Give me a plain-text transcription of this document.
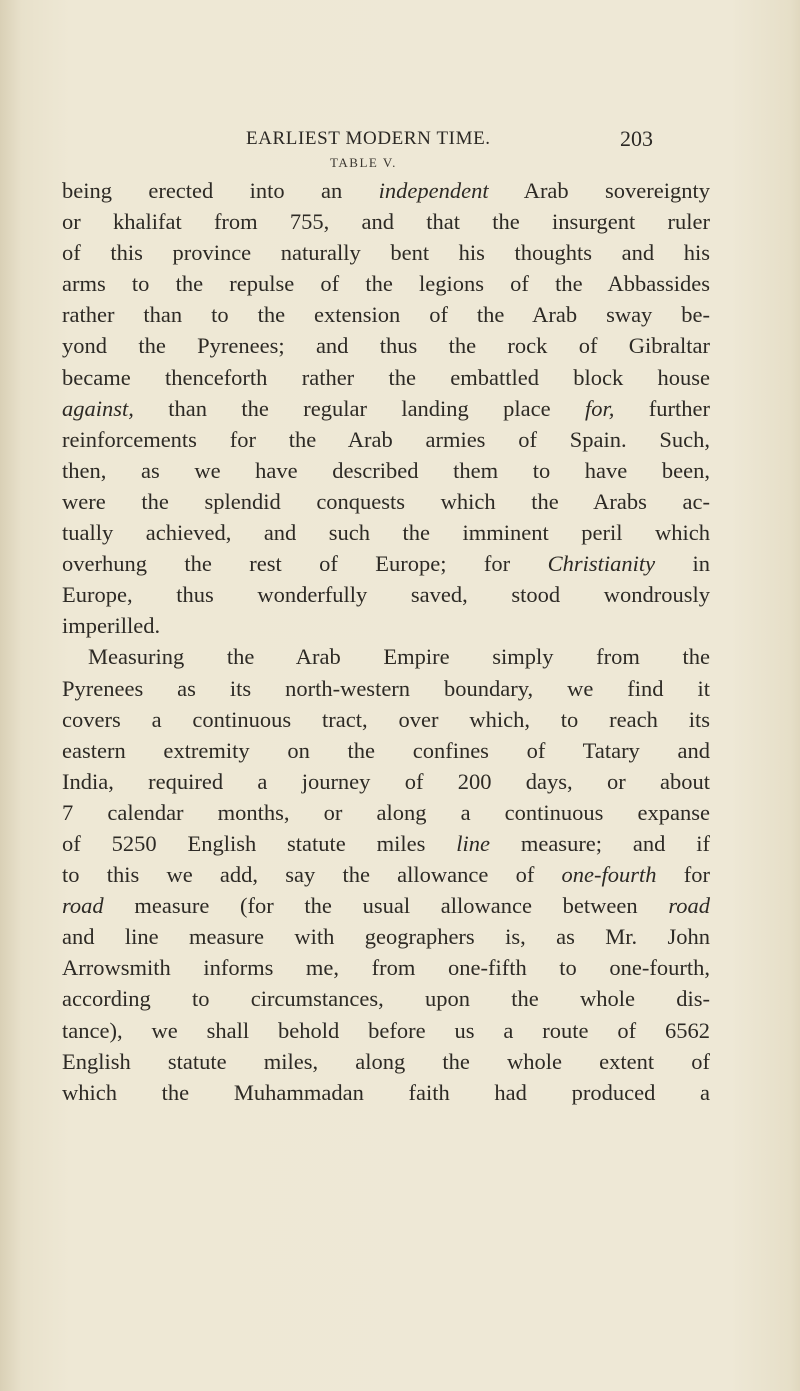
EARLIEST MODERN TIME.	203
TABLE V.
being erected into an independent Arab sovereignty
or khalifat from 755, and that the insurgent ruler
of this province naturally bent his thoughts and his
arms to the repulse of the legions of the Abbassides
rather than to the extension of the Arab sway be-
yond the Pyrenees; and thus the rock of Gibraltar
became thenceforth rather the embattled block house
against, than the regular landing place for, further
reinforcements for the Arab armies of Spain. Such,
then, as we have described them to have been,
were the splendid conquests which the Arabs ac-
tually achieved, and such the imminent peril which
overhung the rest of Europe; for Christianity in
Europe, thus wonderfully saved, stood wondrously
imperilled.
Measuring the Arab Empire simply from the
Pyrenees as its north-western boundary, we find it
covers a continuous tract, over which, to reach its
eastern extremity on the confines of Tatary and
India, required a journey of 200 days, or about
7 calendar months, or along a continuous expanse
of 5250 English statute miles line measure; and if
to this we add, say the allowance of one-fourth for
road measure (for the usual allowance between road
and line measure with geographers is, as Mr. John
Arrowsmith informs me, from one-fifth to one-fourth,
according to circumstances, upon the whole dis-
tance), we shall behold before us a route of 6562
English statute miles, along the whole extent of
which the Muhammadan faith had produced a
